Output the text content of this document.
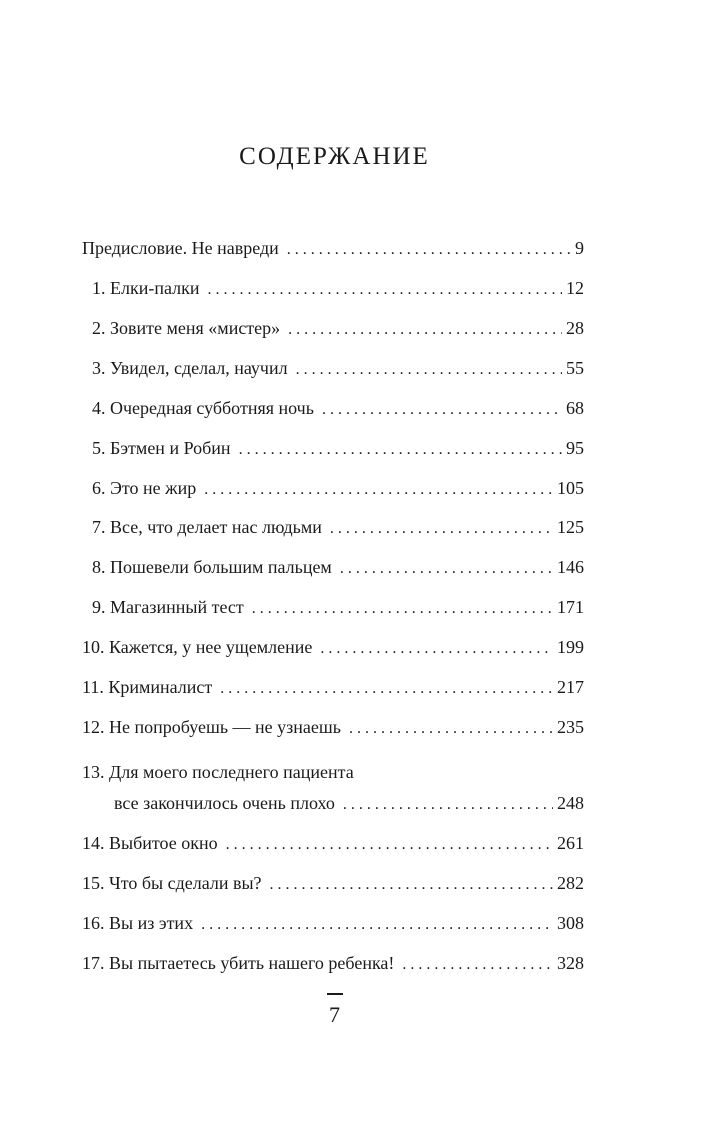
СОДЕРЖАНИЕ
Предисловие. Не навреди . . .	9
1. Елки-палки . . .	12
2. Зовите меня «мистер» . . .	28
3. Увидел, сделал, научил . . .	55
4. Очередная субботняя ночь . . .	68
5. Бэтмен и Робин . . .	95
6. Это не жир . . .	105
7. Все, что делает нас людьми . . .	125
8. Пошевели большим пальцем . . .	146
9. Магазинный тест . . .	171
10. Кажется, у нее ущемление . . .	199
11. Криминалист . . .	217
12. Не попробуешь — не узнаешь . . .	235
13. Для моего последнего пациента
все закончилось очень плохо . . .	248
14. Выбитое окно . . .	261
15. Что бы сделали вы? . . .	282
16. Вы из этих . . .	308
17. Вы пытаетесь убить нашего ребенка! . . .	328
7
